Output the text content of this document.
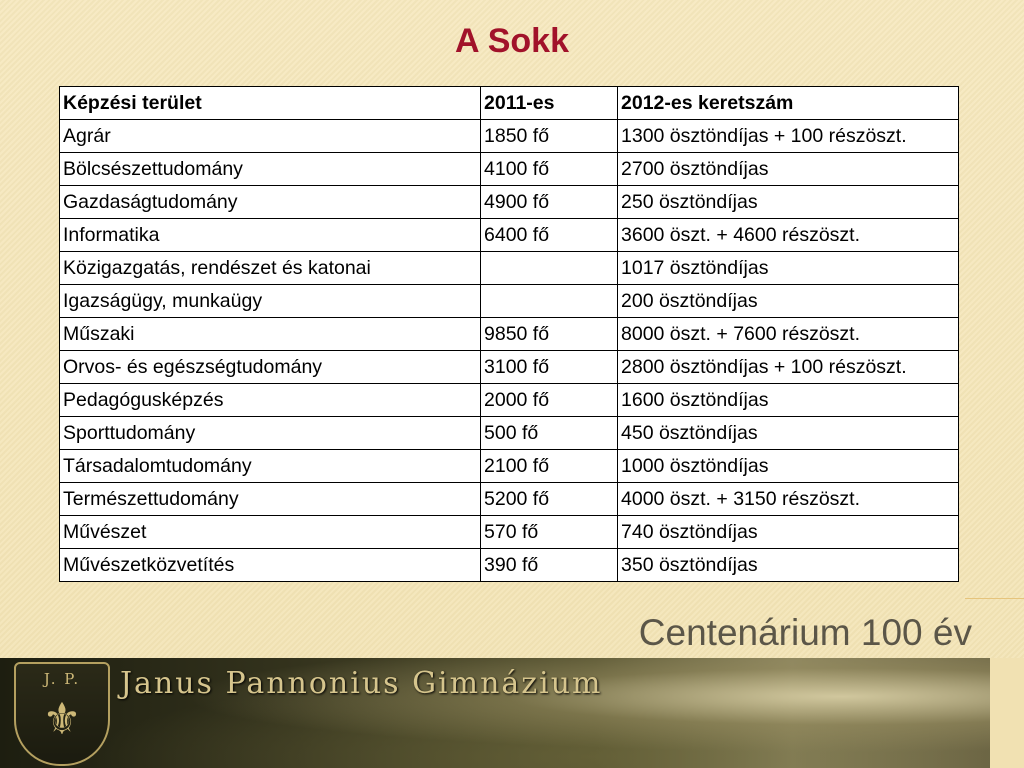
A Sokk
Képzési terület	2011-es	2012-es keretszám
Agrár	1850 fő	1300 ösztöndíjas + 100 részöszt.
Bölcsészettudomány	4100 fő	2700 ösztöndíjas
Gazdaságtudomány	4900 fő	250 ösztöndíjas
Informatika	6400 fő	3600 öszt. + 4600 részöszt.
Közigazgatás, rendészet és katonai		1017 ösztöndíjas
Igazságügy, munkaügy		200 ösztöndíjas
Műszaki	9850 fő	8000 öszt. + 7600 részöszt.
Orvos- és egészségtudomány	3100 fő	2800 ösztöndíjas + 100 részöszt.
Pedagógusképzés	2000 fő	1600 ösztöndíjas
Sporttudomány	500 fő	450 ösztöndíjas
Társadalomtudomány	2100 fő	1000 ösztöndíjas
Természettudomány	5200 fő	4000 öszt. + 3150 részöszt.
Művészet	570 fő	740 ösztöndíjas
Művészetközvetítés	390 fő	350 ösztöndíjas
Centenárium 100 év
J. P.
⚜
Janus Pannonius Gimnázium
